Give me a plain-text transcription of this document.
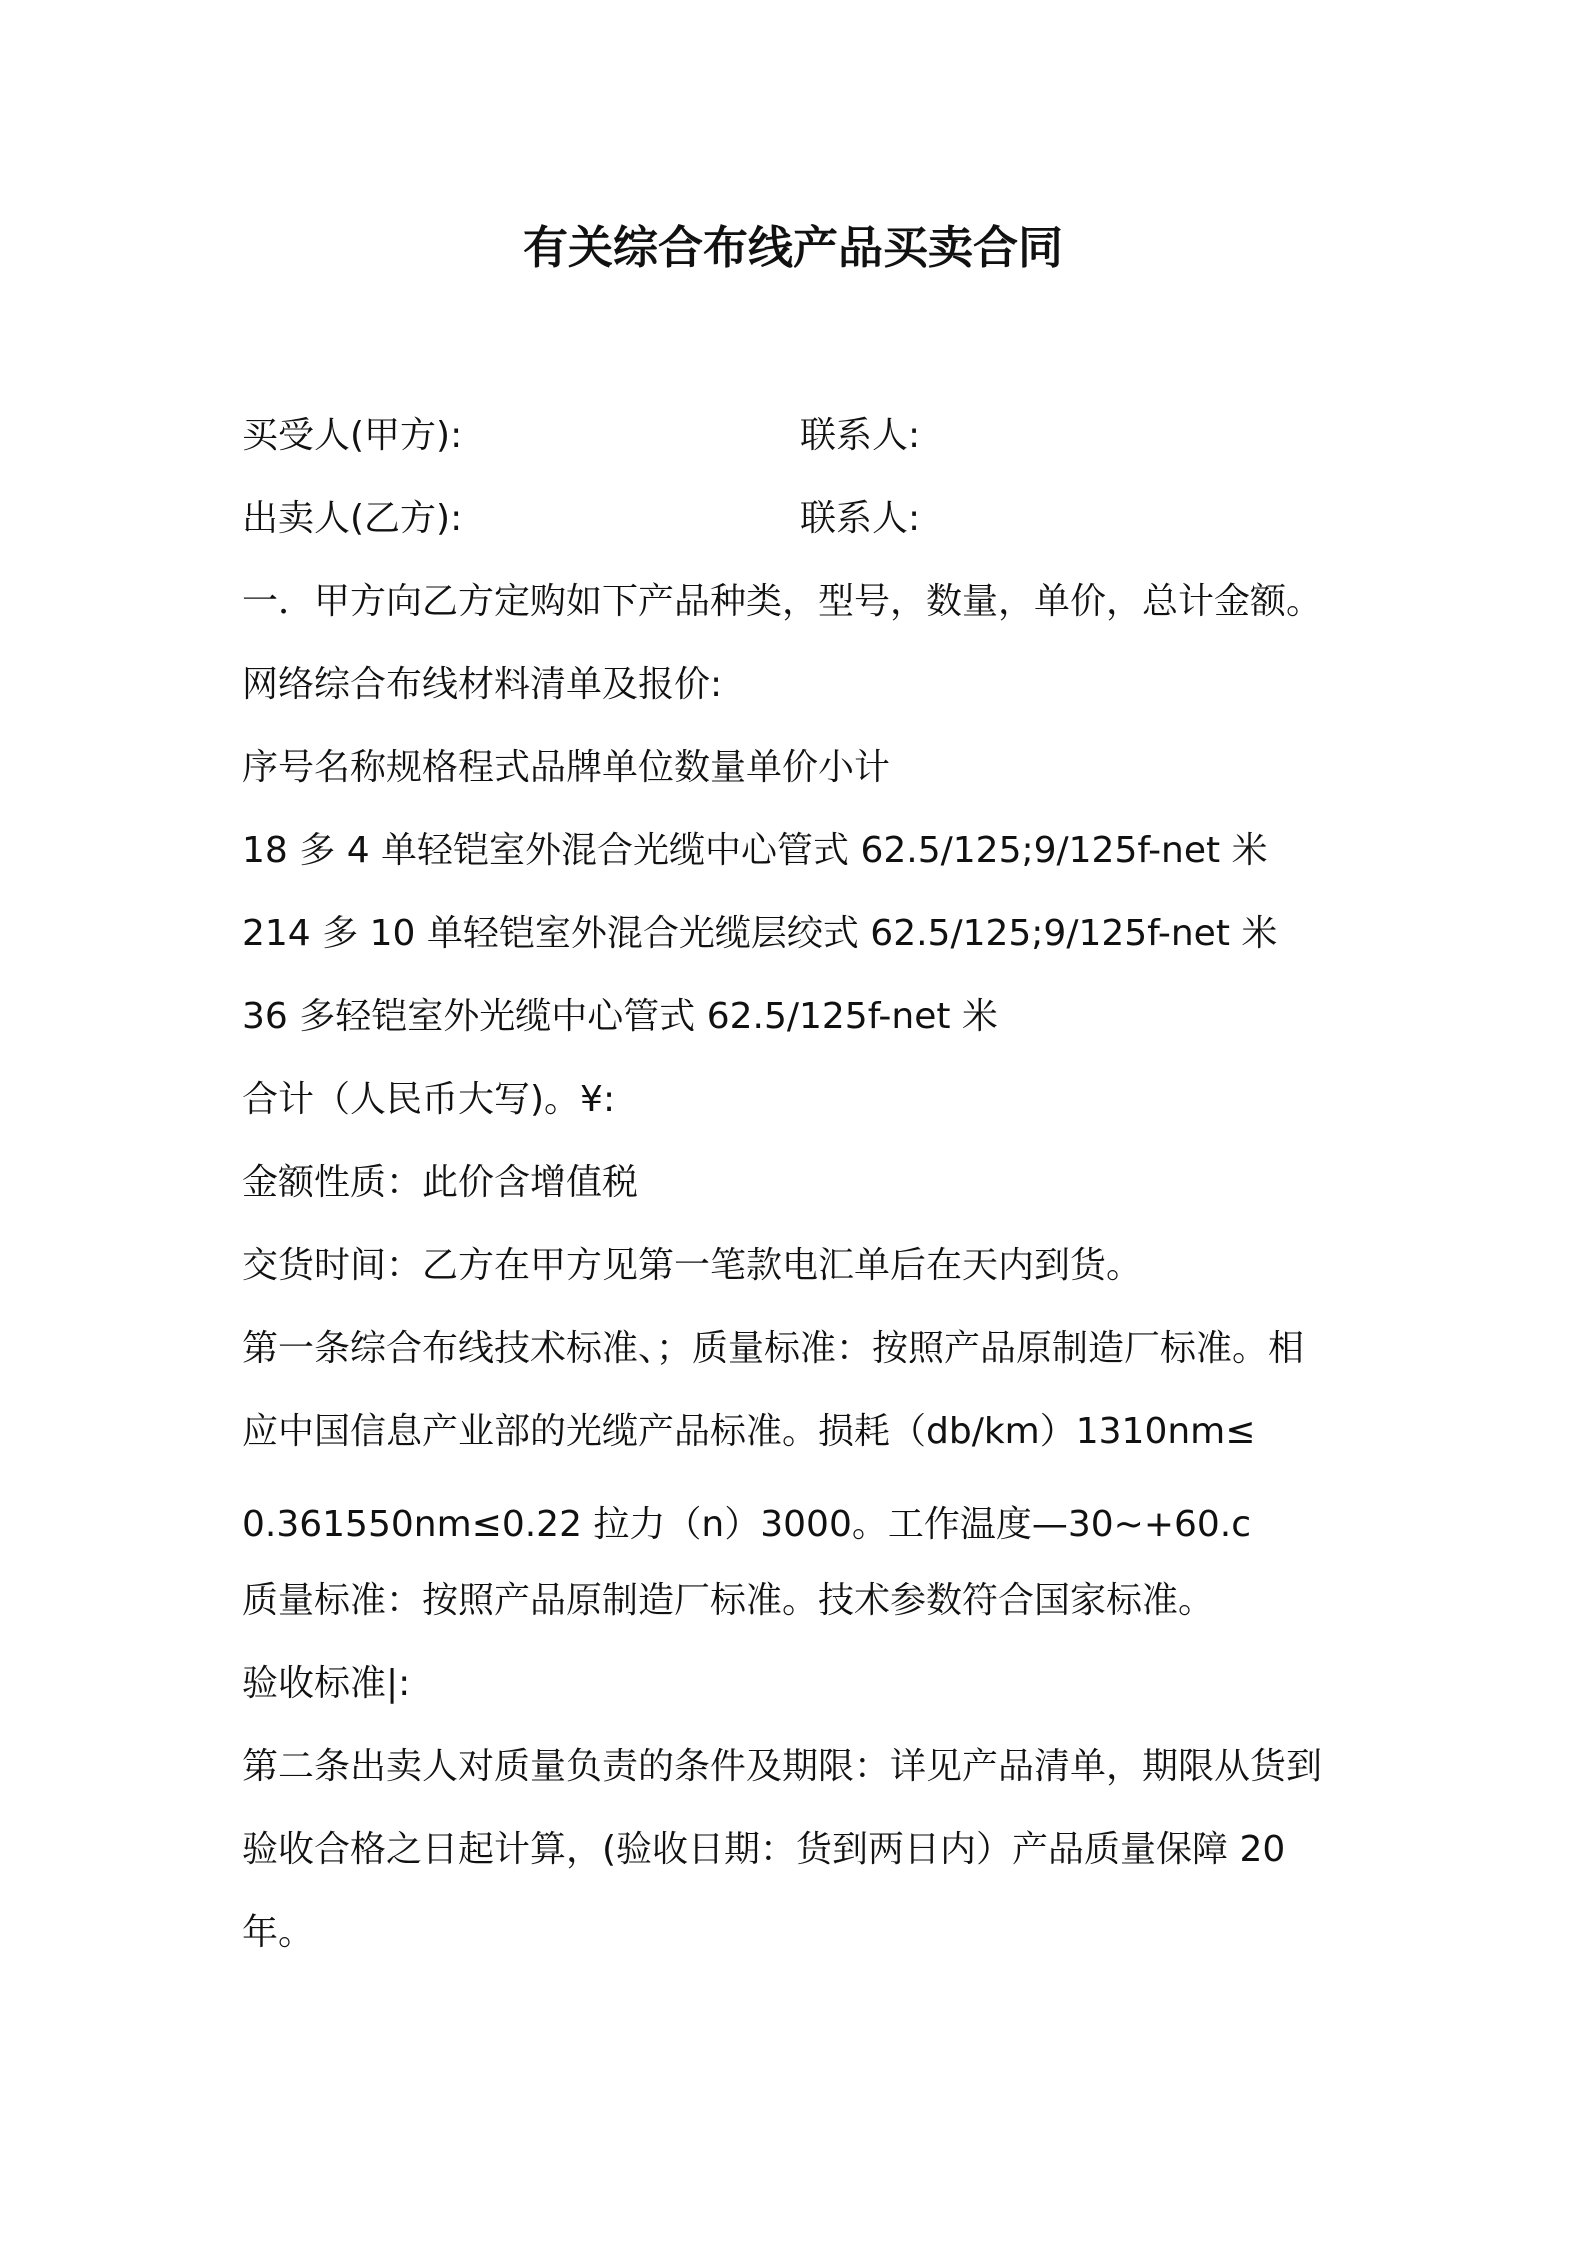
有关综合布线产品买卖合同
买受人(甲方):	联系人:
出卖人(乙方):	联系人:
一．甲方向乙方定购如下产品种类，型号，数量，单价，总计金额。
网络综合布线材料清单及报价:
序号名称规格程式品牌单位数量单价小计
18 多 4 单轻铠室外混合光缆中心管式 62.5/125;9/125f-net 米
214 多 10 单轻铠室外混合光缆层绞式 62.5/125;9/125f-net 米
36 多轻铠室外光缆中心管式 62.5/125f-net 米
合计（人民币大写)。¥:
金额性质：此价含增值税
交货时间：乙方在甲方见第一笔款电汇单后在天内到货。
第一条综合布线技术标准、；质量标准：按照产品原制造厂标准。相
应中国信息产业部的光缆产品标准。损耗（db/km）1310nm≤
0.361550nm≤0.22 拉力（n）3000。工作温度—30~+60.c
质量标准：按照产品原制造厂标准。技术参数符合国家标准。
验收标准|:
第二条出卖人对质量负责的条件及期限：详见产品清单，期限从货到
验收合格之日起计算，(验收日期：货到两日内）产品质量保障 20
年。
